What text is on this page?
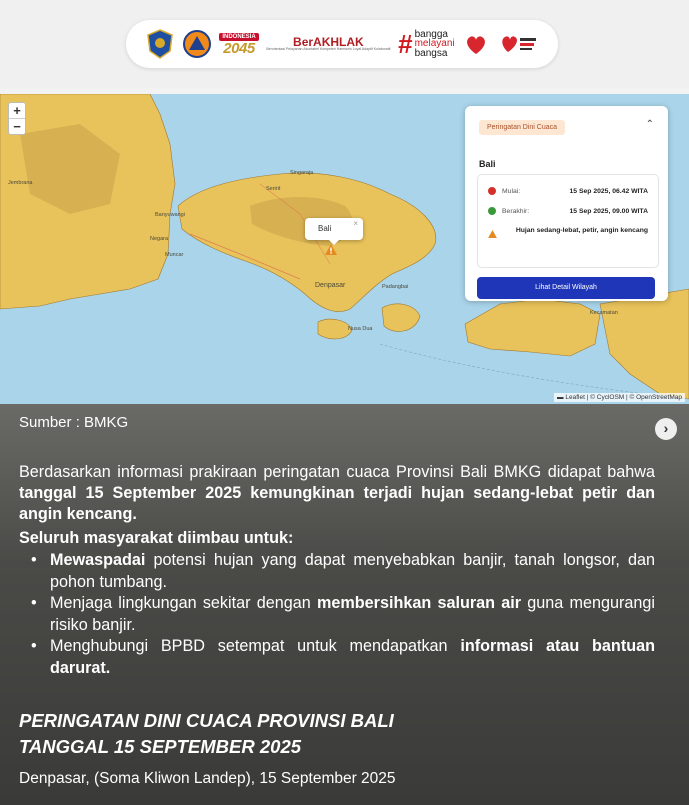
INDONESIA
2045	BerAKHLAK
Berorientasi Pelayanan Akuntabel Kompeten Harmonis Loyal Adaptif Kolaboratif # bangga
melayani
bangsa
+
−
Singaraja
Seririt
Negara
Jembrana
Muncar
Banyuwangi
Denpasar
Nusa Dua
Padangbai
Kecamatan
Bali
×
Peringatan Dini Cuaca	⌃
Bali
Mulai:	15 Sep 2025, 06.42 WITA
Berakhir:	15 Sep 2025, 09.00 WITA
Hujan sedang-lebat, petir, angin kencang
Lihat Detail Wilayah
▬ Leaflet | © CyclOSM | © OpenStreetMap
Sumber : BMKG	›
Berdasarkan informasi prakiraan peringatan cuaca Provinsi Bali BMKG didapat bahwa tanggal 15 September 2025 kemungkinan terjadi hujan sedang-lebat petir dan angin kencang.
Seluruh masyarakat diimbau untuk:
• Mewaspadai potensi hujan yang dapat menyebabkan banjir, tanah longsor, dan pohon tumbang.
• Menjaga lingkungan sekitar dengan membersihkan saluran air guna mengurangi risiko banjir.
• Menghubungi BPBD setempat untuk mendapatkan informasi atau bantuan darurat.
PERINGATAN DINI CUACA PROVINSI BALI
TANGGAL 15 SEPTEMBER 2025
Denpasar, (Soma Kliwon Landep), 15 September 2025
